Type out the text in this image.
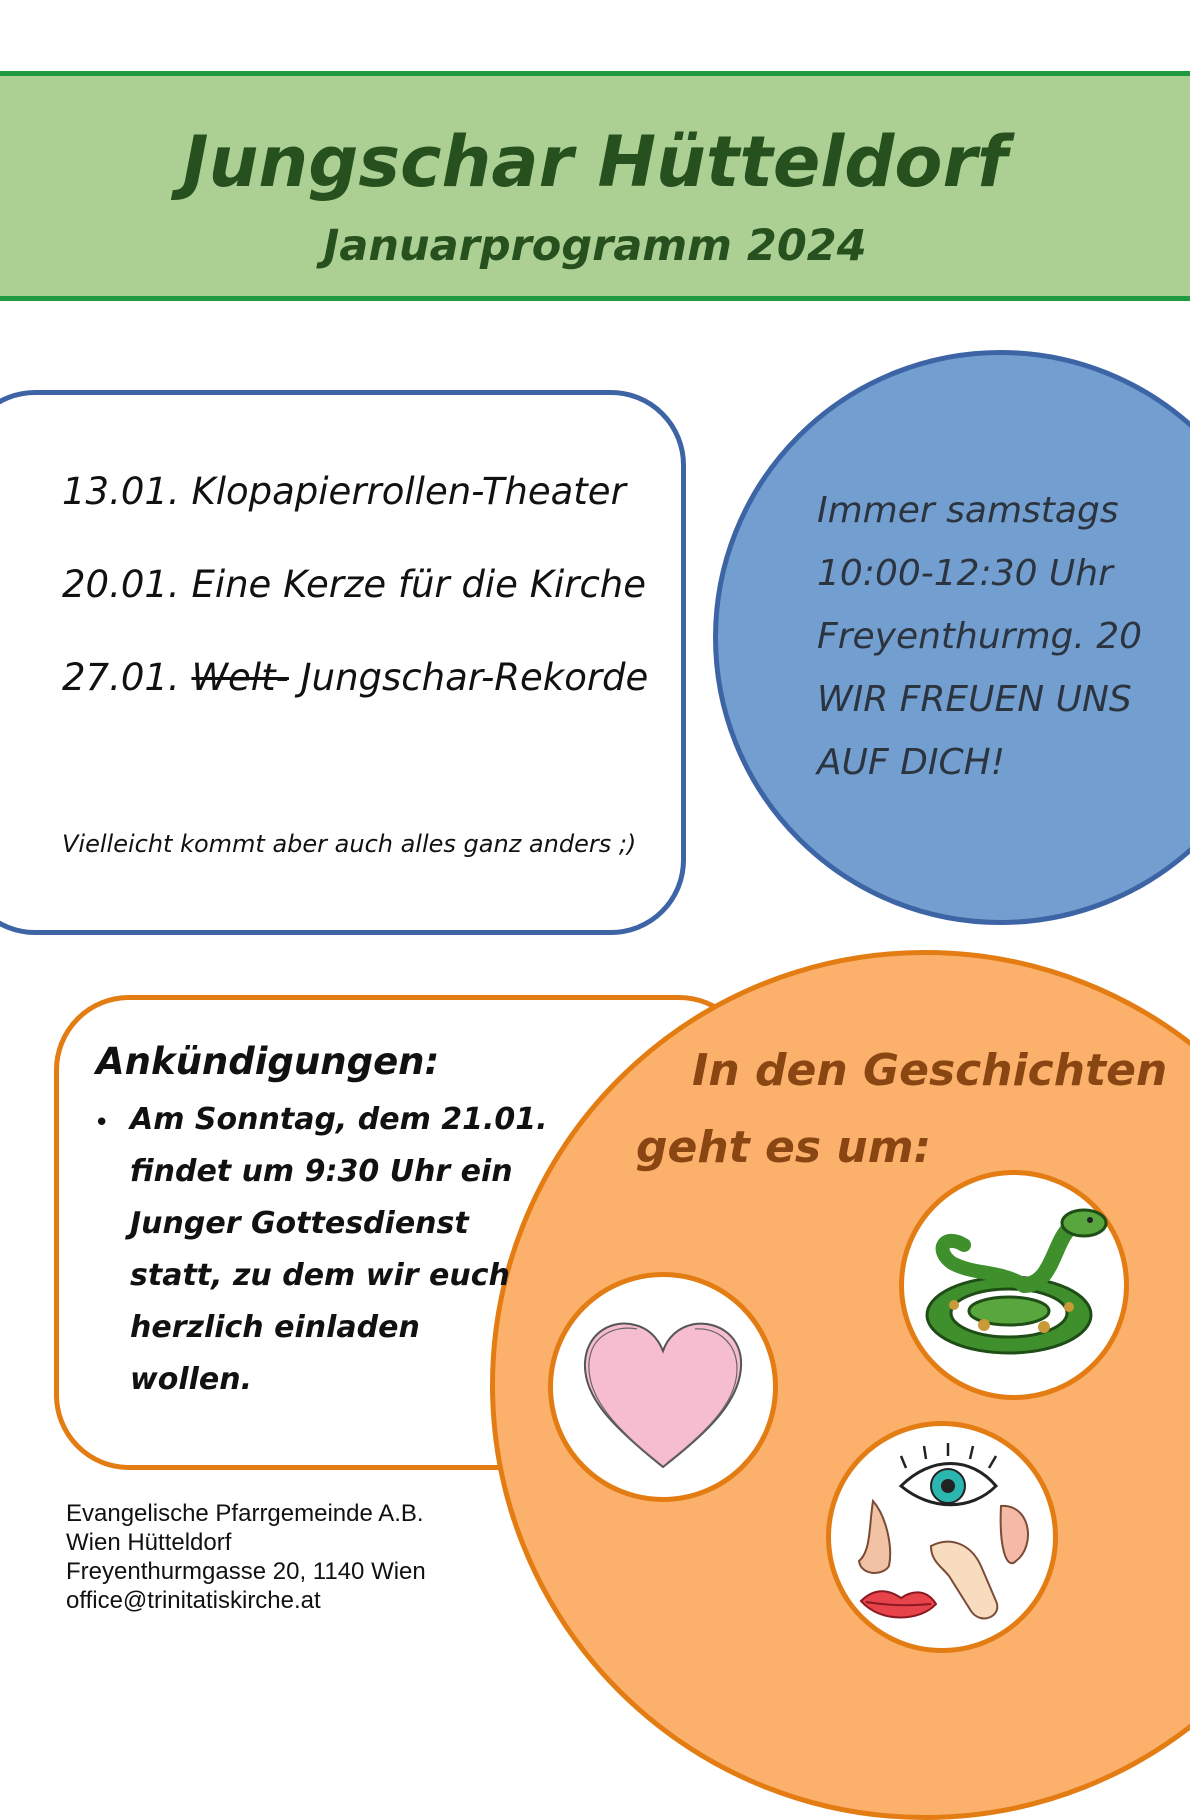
Jungschar Hütteldorf
Januarprogramm 2024
13.01. Klopapierrollen-Theater
20.01. Eine Kerze für die Kirche
27.01. Welt- Jungschar-Rekorde
Vielleicht kommt aber auch alles ganz anders ;)
Immer samstags
10:00-12:30 Uhr
Freyenthurmg. 20
WIR FREUEN UNS
AUF DICH!
Ankündigungen:
• Am Sonntag, dem 21.01.
findet um 9:30 Uhr ein
Junger Gottesdienst
statt, zu dem wir euch
herzlich einladen
wollen.
In den Geschichten
geht es um:
Evangelische Pfarrgemeinde A.B.
Wien Hütteldorf
Freyenthurmgasse 20, 1140 Wien
office@trinitatiskirche.at
